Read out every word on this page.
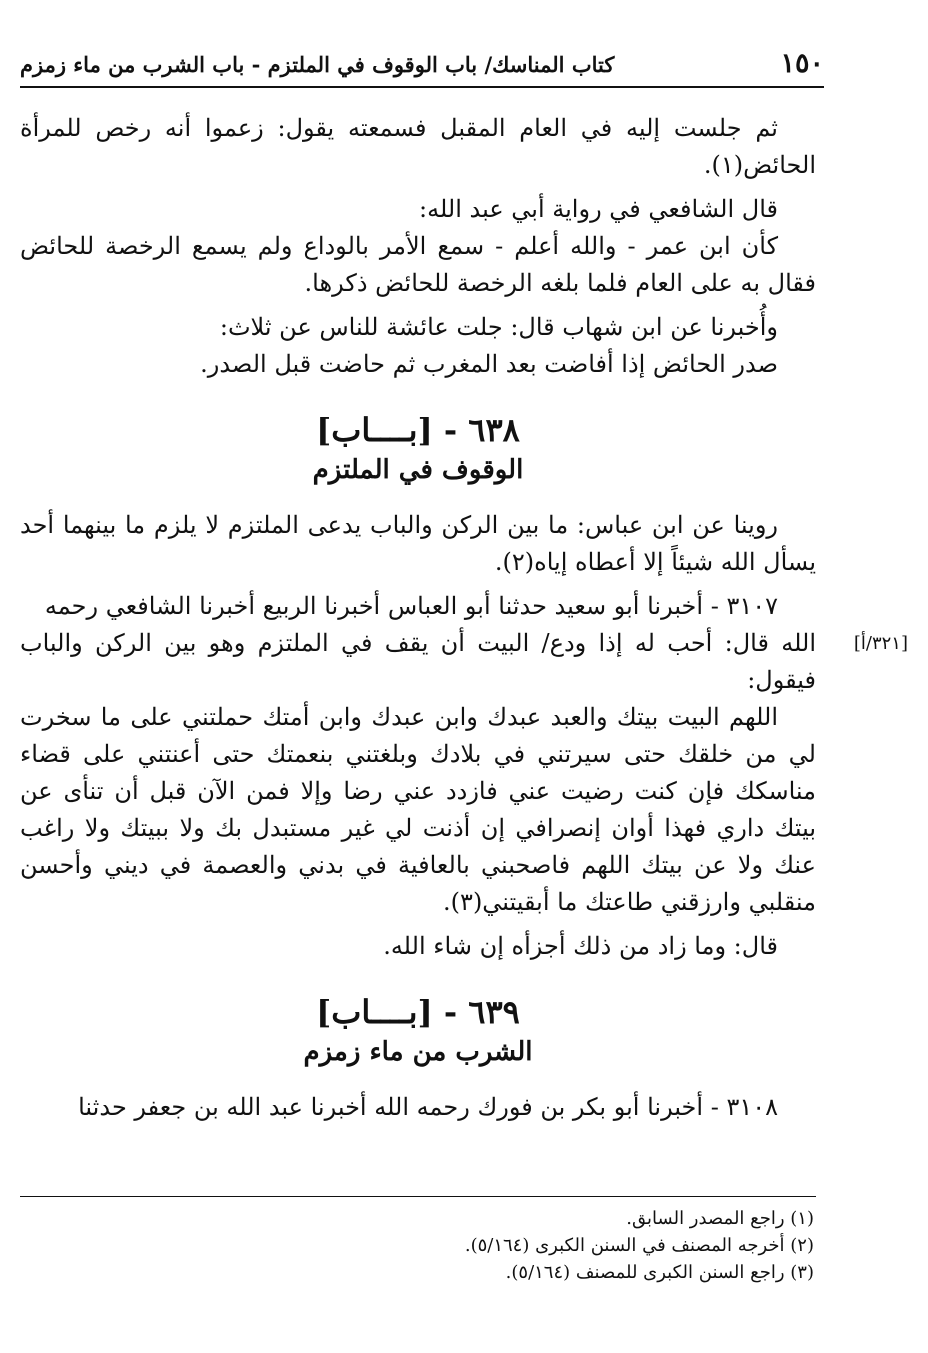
١٥٠
كتاب المناسك/ باب الوقوف في الملتزم - باب الشرب من ماء زمزم

ثم جلست إليه في العام المقبل فسمعته يقول: زعموا أنه رخص للمرأة الحائض(١).

قال الشافعي في رواية أبي عبد الله:

كأن ابن عمر - والله أعلم - سمع الأمر بالوداع ولم يسمع الرخصة للحائض فقال به على العام فلما بلغه الرخصة للحائض ذكرها.

وأُخبرنا عن ابن شهاب قال: جلت عائشة للناس عن ثلاث:

صدر الحائض إذا أفاضت بعد المغرب ثم حاضت قبل الصدر.

٦٣٨ - [بــــاب]
الوقوف في الملتزم

روينا عن ابن عباس: ما بين الركن والباب يدعى الملتزم لا يلزم ما بينهما أحد يسأل الله شيئاً إلا أعطاه إياه(٢).

٣١٠٧ - أخبرنا أبو سعيد حدثنا أبو العباس أخبرنا الربيع أخبرنا الشافعي رحمه

[٣٢١/أ]

الله قال: أحب له إذا ودع/ البيت أن يقف في الملتزم وهو بين الركن والباب فيقول:

اللهم البيت بيتك والعبد عبدك وابن عبدك وابن أمتك حملتني على ما سخرت لي من خلقك حتى سيرتني في بلادك وبلغتني بنعمتك حتى أعنتني على قضاء مناسكك فإن كنت رضيت عني فازدد عني رضا وإلا فمن الآن قبل أن تنأى عن بيتك داري فهذا أوان إنصرافي إن أذنت لي غير مستبدل بك ولا ببيتك ولا راغب عنك ولا عن بيتك اللهم فاصحبني بالعافية في بدني والعصمة في ديني وأحسن منقلبي وارزقني طاعتك ما أبقيتني(٣).

قال: وما زاد من ذلك أجزأه إن شاء الله.

٦٣٩ - [بــــاب]
الشرب من ماء زمزم

٣١٠٨ - أخبرنا أبو بكر بن فورك رحمه الله أخبرنا عبد الله بن جعفر حدثنا

(١) راجع المصدر السابق.
(٢) أخرجه المصنف في السنن الكبرى (٥/١٦٤).
(٣) راجع السنن الكبرى للمصنف (٥/١٦٤).
